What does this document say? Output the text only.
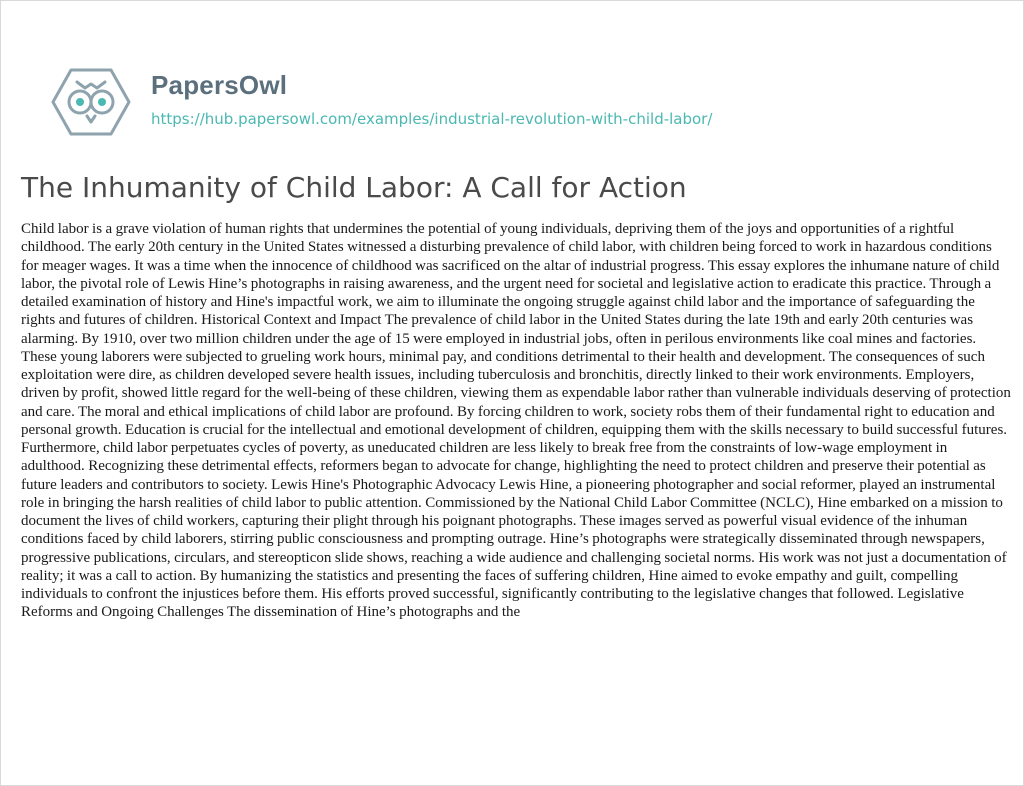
PapersOwl
https://hub.papersowl.com/examples/industrial-revolution-with-child-labor/
The Inhumanity of Child Labor: A Call for Action

Child labor is a grave violation of human rights that undermines the potential of young individuals, depriving them of the joys and opportunities of a rightful childhood. The early 20th century in the United States witnessed a disturbing prevalence of child labor, with children being forced to work in hazardous conditions for meager wages. It was a time when the innocence of childhood was sacrificed on the altar of industrial progress. This essay explores the inhumane nature of child labor, the pivotal role of Lewis Hine’s photographs in raising awareness, and the urgent need for societal and legislative action to eradicate this practice. Through a detailed examination of history and Hine's impactful work, we aim to illuminate the ongoing struggle against child labor and the importance of safeguarding the rights and futures of children. Historical Context and Impact The prevalence of child labor in the United States during the late 19th and early 20th centuries was alarming. By 1910, over two million children under the age of 15 were employed in industrial jobs, often in perilous environments like coal mines and factories. These young laborers were subjected to grueling work hours, minimal pay, and conditions detrimental to their health and development. The consequences of such exploitation were dire, as children developed severe health issues, including tuberculosis and bronchitis, directly linked to their work environments. Employers, driven by profit, showed little regard for the well-being of these children, viewing them as expendable labor rather than vulnerable individuals deserving of protection and care. The moral and ethical implications of child labor are profound. By forcing children to work, society robs them of their fundamental right to education and personal growth. Education is crucial for the intellectual and emotional development of children, equipping them with the skills necessary to build successful futures. Furthermore, child labor perpetuates cycles of poverty, as uneducated children are less likely to break free from the constraints of low-wage employment in adulthood. Recognizing these detrimental effects, reformers began to advocate for change, highlighting the need to protect children and preserve their potential as future leaders and contributors to society. Lewis Hine's Photographic Advocacy Lewis Hine, a pioneering photographer and social reformer, played an instrumental role in bringing the harsh realities of child labor to public attention. Commissioned by the National Child Labor Committee (NCLC), Hine embarked on a mission to document the lives of child workers, capturing their plight through his poignant photographs. These images served as powerful visual evidence of the inhuman conditions faced by child laborers, stirring public consciousness and prompting outrage. Hine’s photographs were strategically disseminated through newspapers, progressive publications, circulars, and stereopticon slide shows, reaching a wide audience and challenging societal norms. His work was not just a documentation of reality; it was a call to action. By humanizing the statistics and presenting the faces of suffering children, Hine aimed to evoke empathy and guilt, compelling individuals to confront the injustices before them. His efforts proved successful, significantly contributing to the legislative changes that followed. Legislative Reforms and Ongoing Challenges The dissemination of Hine’s photographs and the
